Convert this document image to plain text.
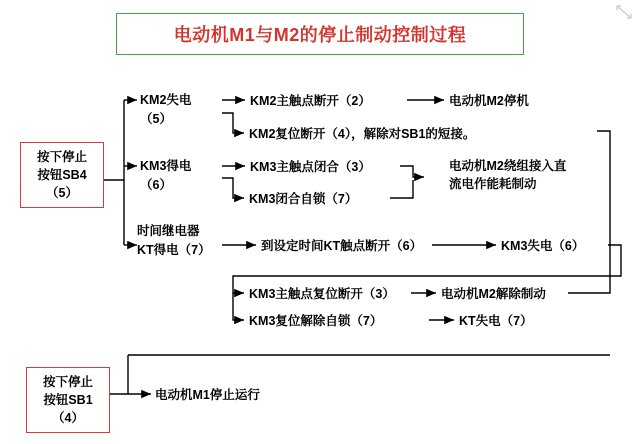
电动机M1与M2的停止制动控制过程
按下停止
按钮SB4
（5）
按下停止
按钮SB1
（4）
KM2失电
（5）
KM3得电
（6）
时间继电器
KT得电（7）
KM2主触点断开（2）	电动机M2停机
KM2复位断开（4），解除对SB1的短接。
KM3主触点闭合（3）
KM3闭合自锁（7）
电动机M2绕组接入直
流电作能耗制动
到设定时间KT触点断开（6）	KM3失电（6）
KM3主触点复位断开（3）	电动机M2解除制动
KM3复位解除自锁（7）	KT失电（7）
电动机M1停止运行
